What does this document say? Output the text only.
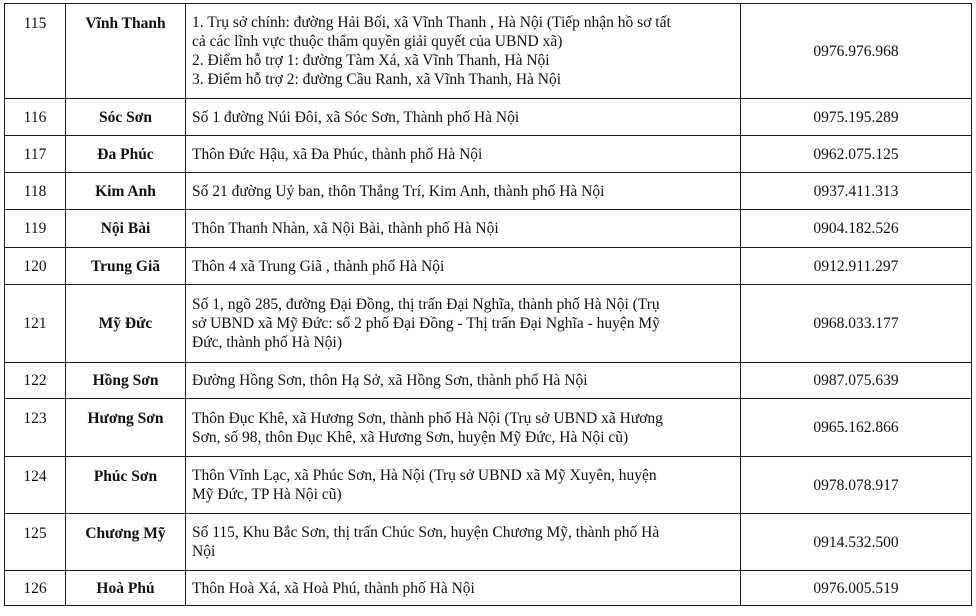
115	Vĩnh Thanh	1. Trụ sở chính: đường Hải Bối, xã Vĩnh Thanh , Hà Nội (Tiếp nhận hồ sơ tất
cả các lĩnh vực thuộc thẩm quyền giải quyết của UBND xã)
2. Điểm hỗ trợ 1: đường Tàm Xá, xã Vĩnh Thanh, Hà Nội
3. Điểm hỗ trợ 2: đường Cầu Ranh, xã Vĩnh Thanh, Hà Nội	0976.976.968
116	Sóc Sơn	Số 1 đường Núi Đôi, xã Sóc Sơn, Thành phố Hà Nội	0975.195.289
117	Đa Phúc	Thôn Đức Hậu, xã Đa Phúc, thành phố Hà Nội	0962.075.125
118	Kim Anh	Số 21 đường Uỷ ban, thôn Thắng Trí, Kim Anh, thành phố Hà Nội	0937.411.313
119	Nội Bài	Thôn Thanh Nhàn, xã Nội Bài, thành phố Hà Nội	0904.182.526
120	Trung Giã	Thôn 4 xã Trung Giã , thành phố Hà Nội	0912.911.297
121	Mỹ Đức	Số 1, ngõ 285, đường Đại Đồng, thị trấn Đại Nghĩa, thành phố Hà Nội (Trụ
sở UBND xã Mỹ Đức: số 2 phố Đại Đồng - Thị trấn Đại Nghĩa - huyện Mỹ
Đức, thành phố Hà Nội)	0968.033.177
122	Hồng Sơn	Đường Hồng Sơn, thôn Hạ Sở, xã Hồng Sơn, thành phố Hà Nội	0987.075.639
123	Hương Sơn	Thôn Đục Khê, xã Hương Sơn, thành phố Hà Nội (Trụ sở UBND xã Hương
Sơn, số 98, thôn Đục Khê, xã Hương Sơn, huyện Mỹ Đức, Hà Nội cũ)	0965.162.866
124	Phúc Sơn	Thôn Vĩnh Lạc, xã Phúc Sơn, Hà Nội (Trụ sở UBND xã Mỹ Xuyên, huyện
Mỹ Đức, TP Hà Nội cũ)	0978.078.917
125	Chương Mỹ	Số 115, Khu Bắc Sơn, thị trấn Chúc Sơn, huyện Chương Mỹ, thành phố Hà
Nội	0914.532.500
126	Hoà Phú	Thôn Hoà Xá, xã Hoà Phú, thành phố Hà Nội	0976.005.519
